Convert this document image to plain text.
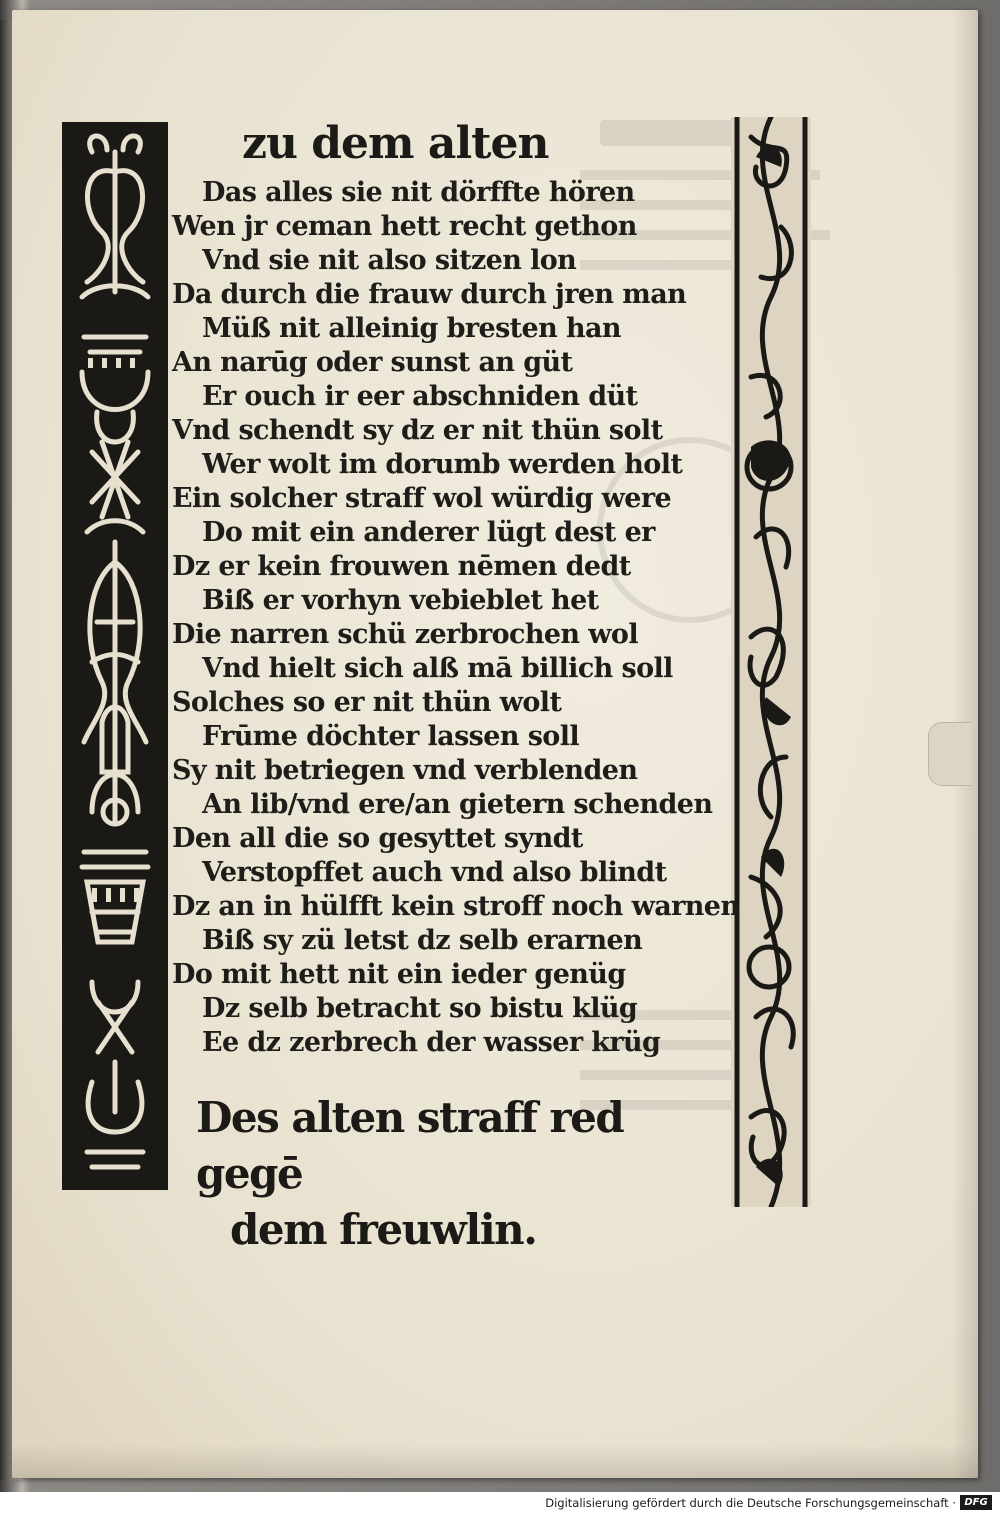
zu dem alten
Das alles sie nit dörffte hören
Wen jr ceman hett recht gethon
Vnd sie nit also sitzen lon
Da durch die frauw durch jren man
Müß nit alleinig bresten han
An narūg oder sunst an güt
Er ouch ir eer abschniden düt
Vnd schendt sy dz er nit thün solt
Wer wolt im dorumb werden holt
Ein solcher straff wol würdig were
Do mit ein anderer lügt dest er
Dz er kein frouwen nēmen dedt
Biß er vorhyn vebieblet het
Die narren schü zerbrochen wol
Vnd hielt sich alß mā billich soll
Solches so er nit thün wolt
Frūme döchter lassen soll
Sy nit betriegen vnd verblenden
An lib/vnd ere/an gietern schenden
Den all die so gesyttet syndt
Verstopffet auch vnd also blindt
Dz an in hülfft kein stroff noch warnen
Biß sy zü letst dz selb erarnen
Do mit hett nit ein ieder genüg
Dz selb betracht so bistu klüg
Ee dz zerbrech der wasser krüg
Des alten straff red gegē
dem freuwlin.
Digitalisierung gefördert durch die Deutsche Forschungsgemeinschaft · DFG
